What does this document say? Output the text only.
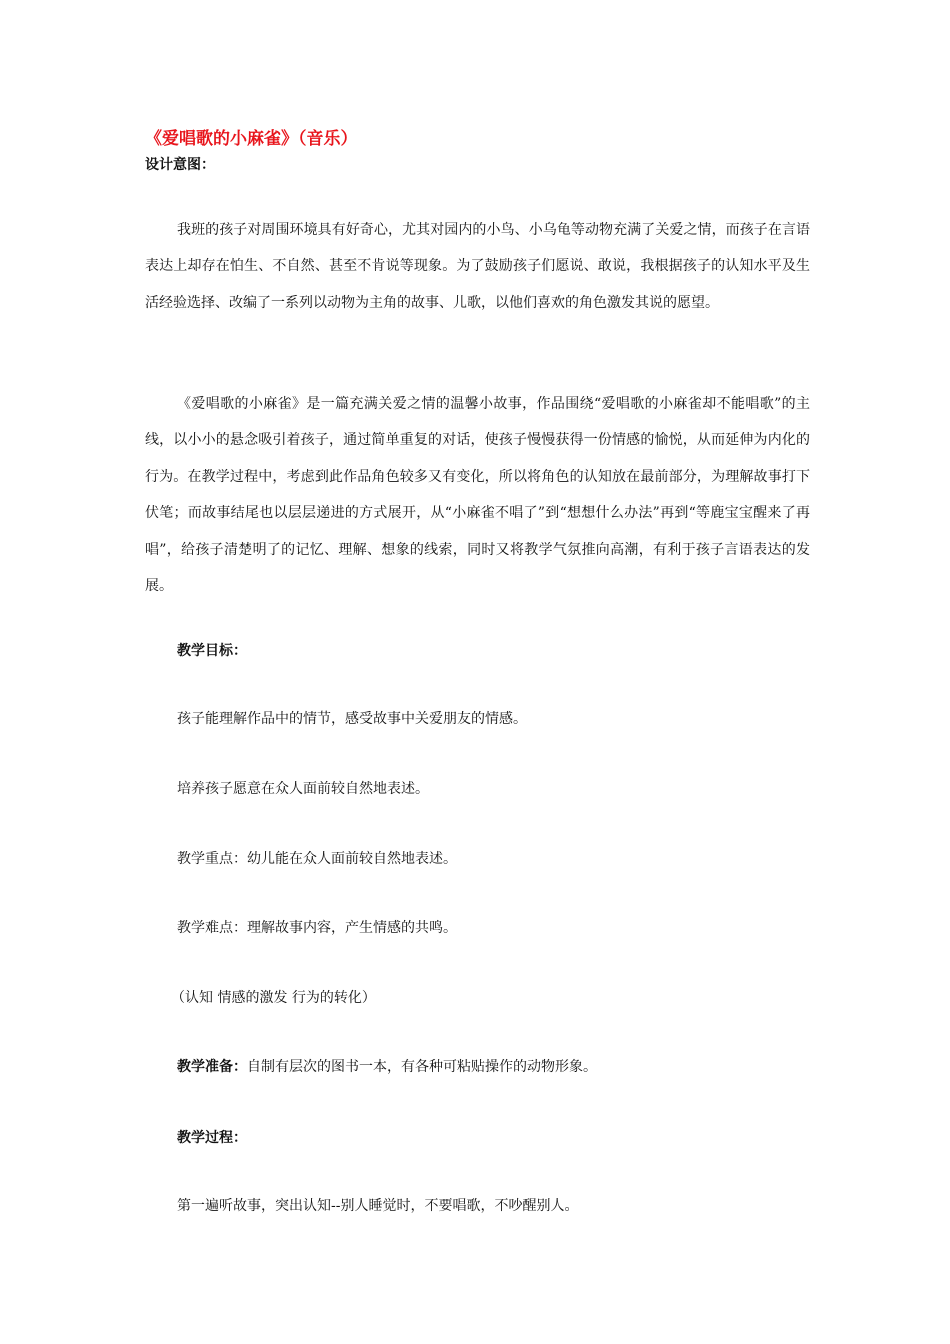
《爱唱歌的小麻雀》（音乐）
设计意图：
我班的孩子对周围环境具有好奇心，尤其对园内的小鸟、小乌龟等动物充满了关爱之情，而孩子在言语表达上却存在怕生、不自然、甚至不肯说等现象。为了鼓励孩子们愿说、敢说，我根据孩子的认知水平及生活经验选择、改编了一系列以动物为主角的故事、儿歌，以他们喜欢的角色激发其说的愿望。
《爱唱歌的小麻雀》是一篇充满关爱之情的温馨小故事，作品围绕“爱唱歌的小麻雀却不能唱歌”的主线，以小小的悬念吸引着孩子，通过简单重复的对话，使孩子慢慢获得一份情感的愉悦，从而延伸为内化的行为。在教学过程中，考虑到此作品角色较多又有变化，所以将角色的认知放在最前部分，为理解故事打下伏笔；而故事结尾也以层层递进的方式展开，从“小麻雀不唱了”到“想想什么办法”再到“等鹿宝宝醒来了再唱”，给孩子清楚明了的记忆、理解、想象的线索，同时又将教学气氛推向高潮，有利于孩子言语表达的发展。
教学目标：
孩子能理解作品中的情节，感受故事中关爱朋友的情感。
培养孩子愿意在众人面前较自然地表述。
教学重点：幼儿能在众人面前较自然地表述。
教学难点：理解故事内容，产生情感的共鸣。
（认知 情感的激发 行为的转化）
教学准备：自制有层次的图书一本，有各种可粘贴操作的动物形象。
教学过程：
第一遍听故事，突出认知--别人睡觉时，不要唱歌，不吵醒别人。
